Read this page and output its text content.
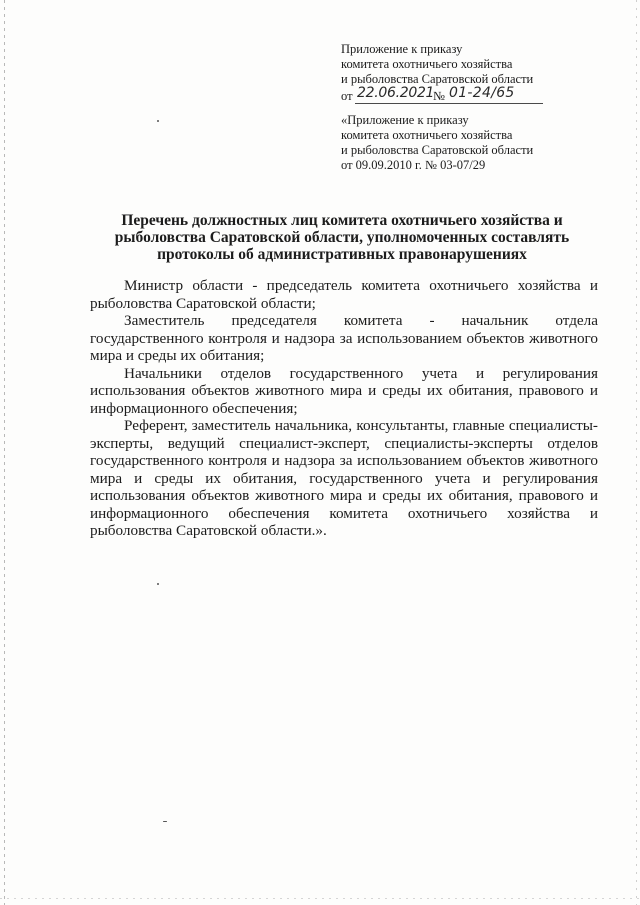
Приложение к приказу
комитета охотничьего хозяйства
и рыболовства Саратовской области
от 22.06.2021
№ 01-24/65
«Приложение к приказу
комитета охотничьего хозяйства
и рыболовства Саратовской области
от 09.09.2010 г. № 03-07/29
Перечень должностных лиц комитета охотничьего хозяйства и
рыболовства Саратовской области, уполномоченных составлять
протоколы об административных правонарушениях

Министр области - председатель комитета охотничьего хозяйства и рыболовства Саратовской области;

Заместитель председателя комитета - начальник отдела государственного контроля и надзора за использованием объектов животного мира и среды их обитания;

Начальники отделов государственного учета и регулирования использования объектов животного мира и среды их обитания, правового и информационного обеспечения;

Референт, заместитель начальника, консультанты, главные специалисты-эксперты, ведущий специалист-эксперт, специалисты-эксперты отделов государственного контроля и надзора за использованием объектов животного мира и среды их обитания, государственного учета и регулирования использования объектов животного мира и среды их обитания, правового и информационного обеспечения комитета охотничьего хозяйства и рыболовства Саратовской области.».
